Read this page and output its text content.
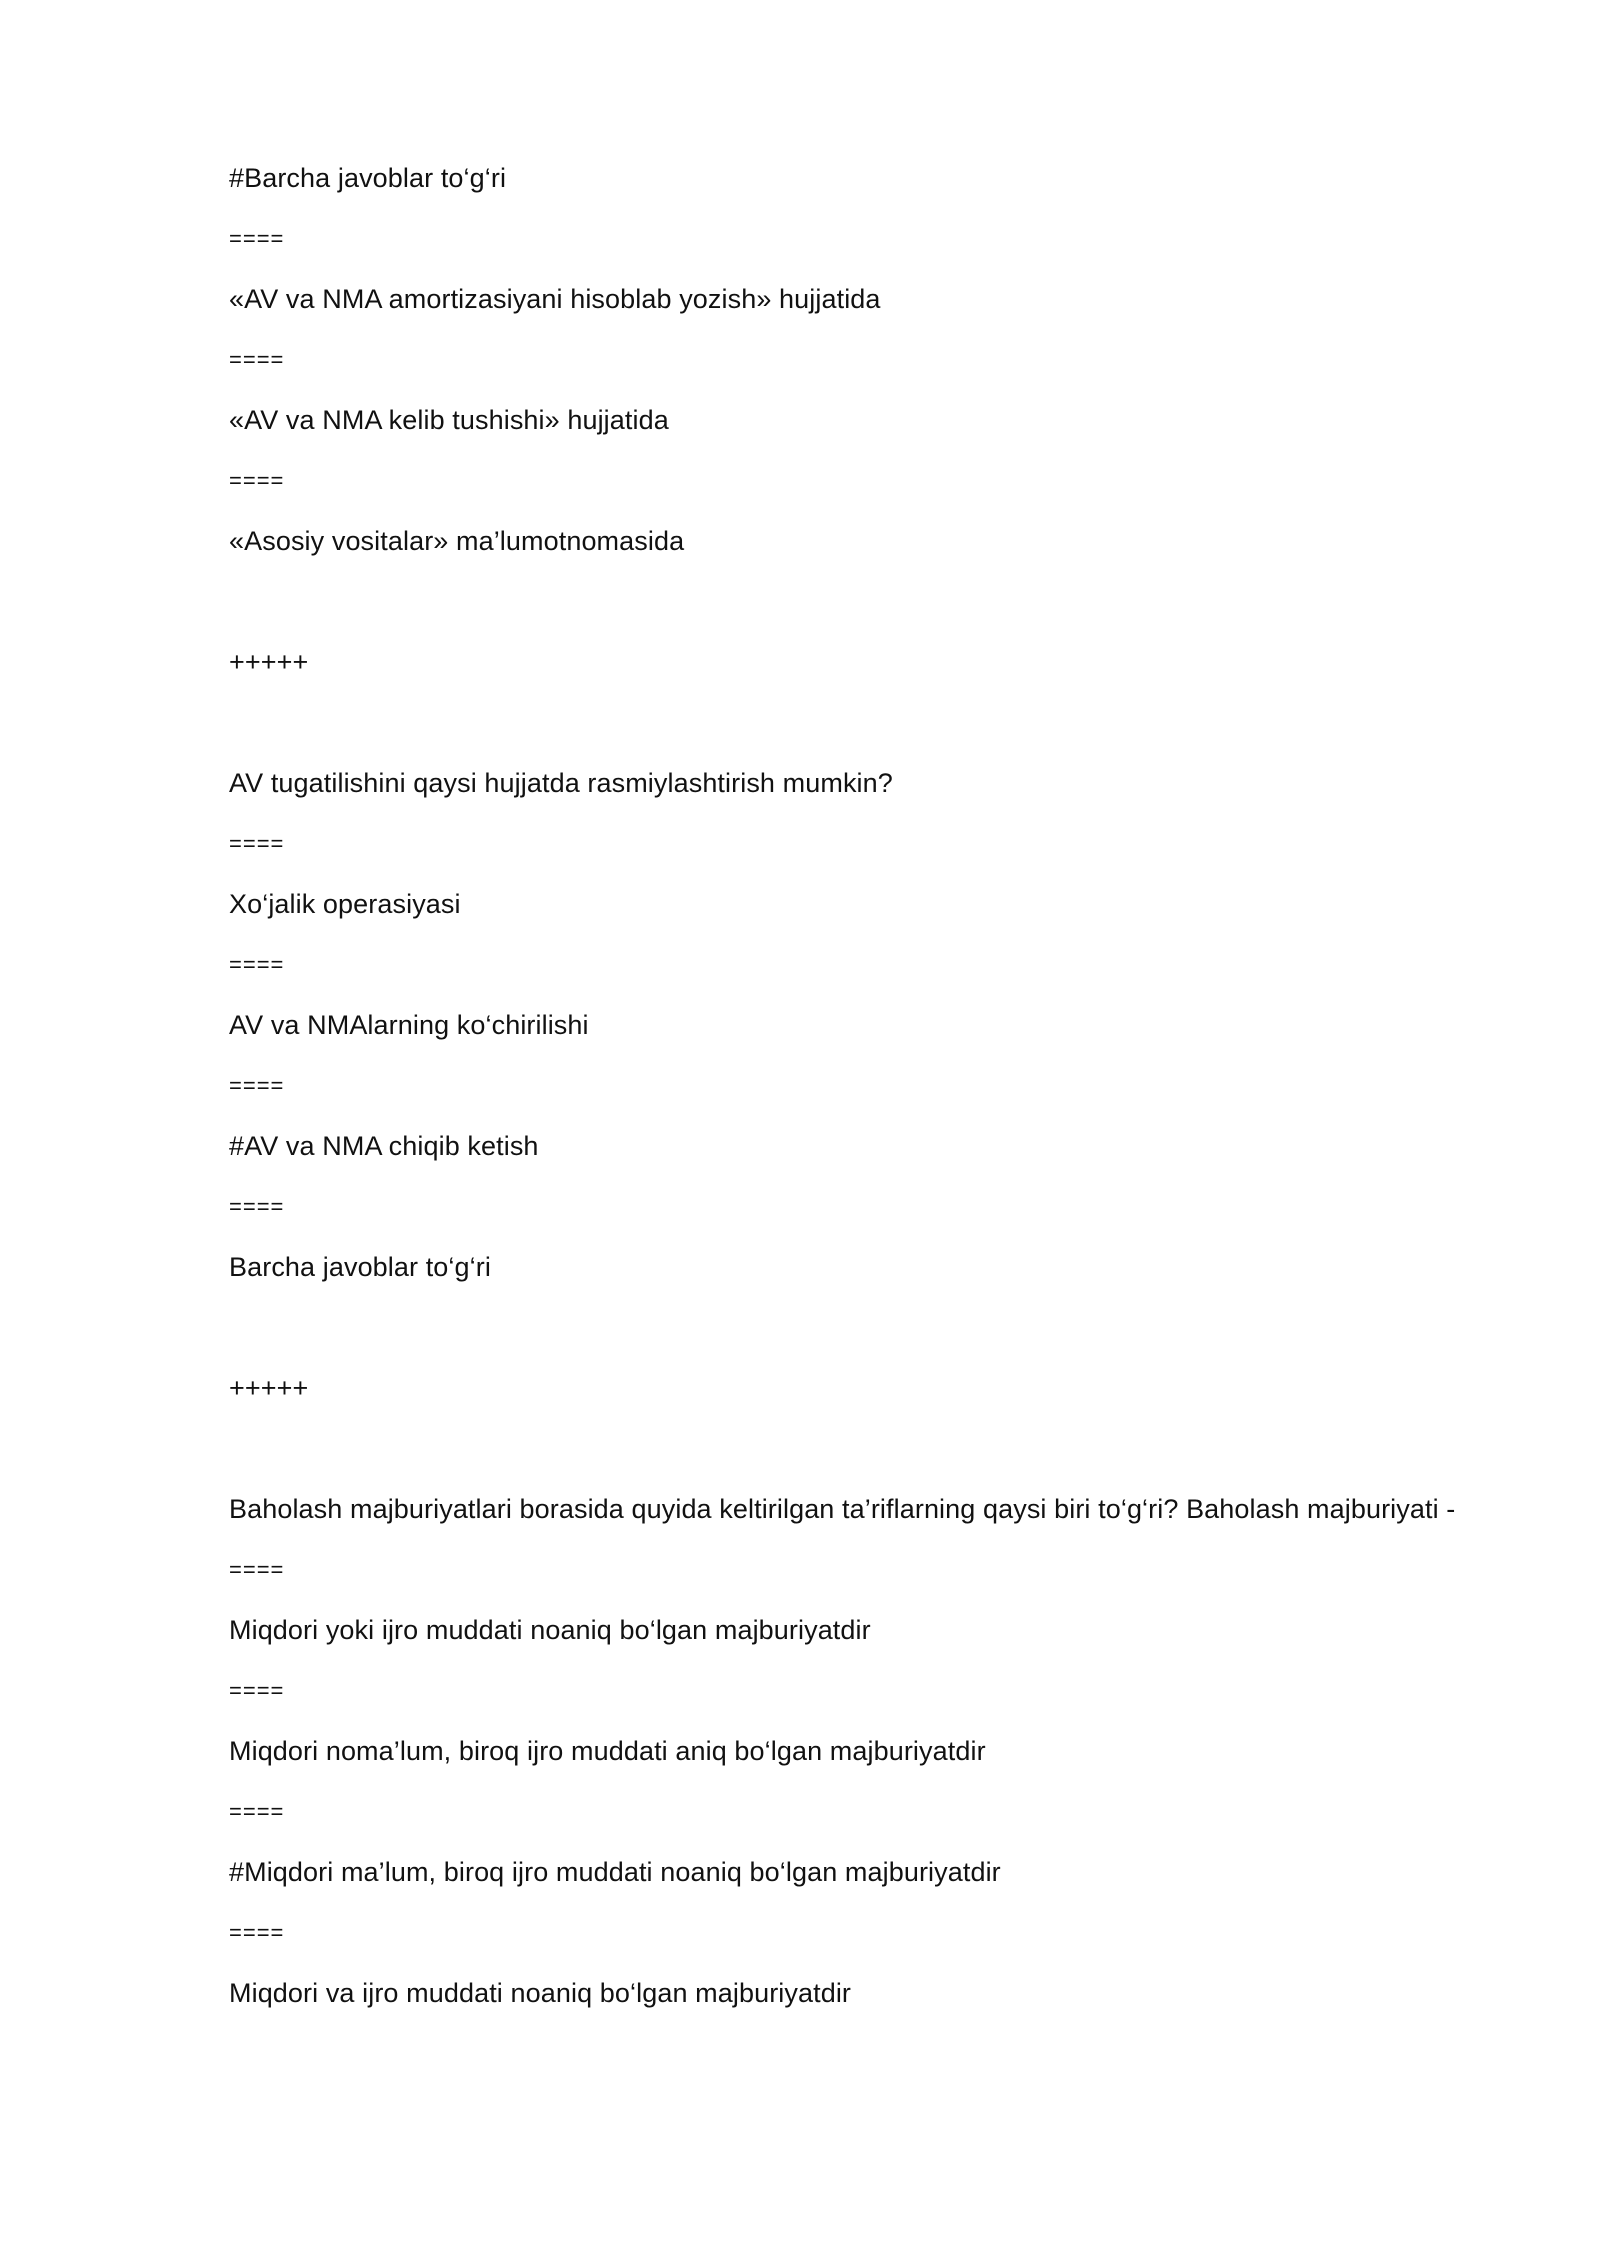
#Barcha javoblar to‘g‘ri
====
«AV va NMA amortizasiyani hisoblab yozish» hujjatida
====
«AV va NMA kelib tushishi» hujjatida
====
«Asosiy vositalar» ma’lumotnomasida
+++++
AV tugatilishini qaysi hujjatda rasmiylashtirish mumkin?
====
Xo‘jalik operasiyasi
====
AV va NMAlarning ko‘chirilishi
====
#AV va NMA chiqib ketish
====
Barcha javoblar to‘g‘ri
+++++
Baholash majburiyatlari borasida quyida keltirilgan ta’riflarning qaysi biri to‘g‘ri? Baholash majburiyati -
====
Miqdori yoki ijro muddati noaniq bo‘lgan majburiyatdir
====
Miqdori noma’lum, biroq ijro muddati aniq bo‘lgan majburiyatdir
====
#Miqdori ma’lum, biroq ijro muddati noaniq bo‘lgan majburiyatdir
====
Miqdori va ijro muddati noaniq bo‘lgan majburiyatdir
